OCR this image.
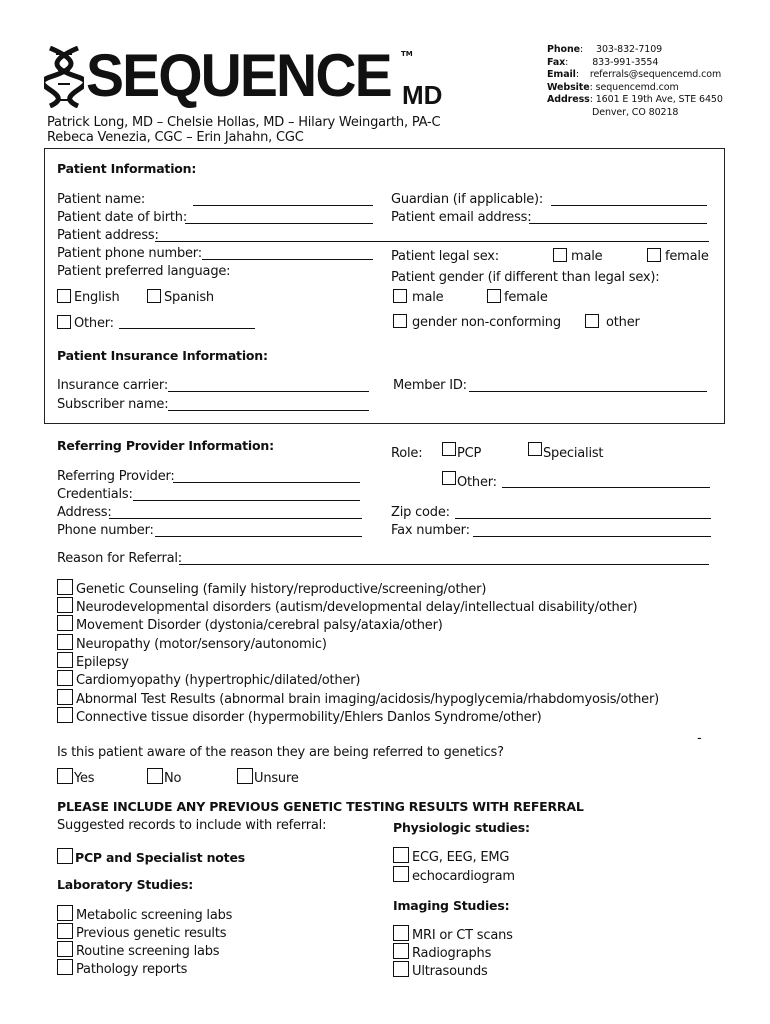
SEQUENCE MD
TM
Patrick Long, MD – Chelsie Hollas, MD – Hilary Weingarth, PA-C
Rebeca Venezia, CGC – Erin Jahahn, CGC
Phone: 303-832-7109
Fax: 833-991-3554
Email: referrals@sequencemd.com
Website: sequencemd.com
Address: 1601 E 19th Ave, STE 6450
Denver, CO 80218
Patient Information:
Patient name:
Patient date of birth:
Patient address:
Patient phone number:
Patient preferred language:
English	Spanish
Other:
Guardian (if applicable):
Patient email address:
Patient legal sex:	male	female
Patient gender (if different than legal sex):
male	female
gender non-conforming	other
Patient Insurance Information:
Insurance carrier:
Subscriber name:
Member ID:
Referring Provider Information:
Referring Provider:
Credentials:
Address:
Phone number:
Role:	PCP	Specialist
Other:
Zip code:
Fax number:
Reason for Referral:
Genetic Counseling (family history/reproductive/screening/other)
Neurodevelopmental disorders (autism/developmental delay/intellectual disability/other)
Movement Disorder (dystonia/cerebral palsy/ataxia/other)
Neuropathy (motor/sensory/autonomic)
Epilepsy
Cardiomyopathy (hypertrophic/dilated/other)
Abnormal Test Results (abnormal brain imaging/acidosis/hypoglycemia/rhabdomyosis/other)
Connective tissue disorder (hypermobility/Ehlers Danlos Syndrome/other)
-
Is this patient aware of the reason they are being referred to genetics?
Yes	No	Unsure
PLEASE INCLUDE ANY PREVIOUS GENETIC TESTING RESULTS WITH REFERRAL
Suggested records to include with referral:
PCP and Specialist notes
Laboratory Studies:
Metabolic screening labs
Previous genetic results
Routine screening labs
Pathology reports
Physiologic studies:
ECG, EEG, EMG
echocardiogram
Imaging Studies:
MRI or CT scans
Radiographs
Ultrasounds
